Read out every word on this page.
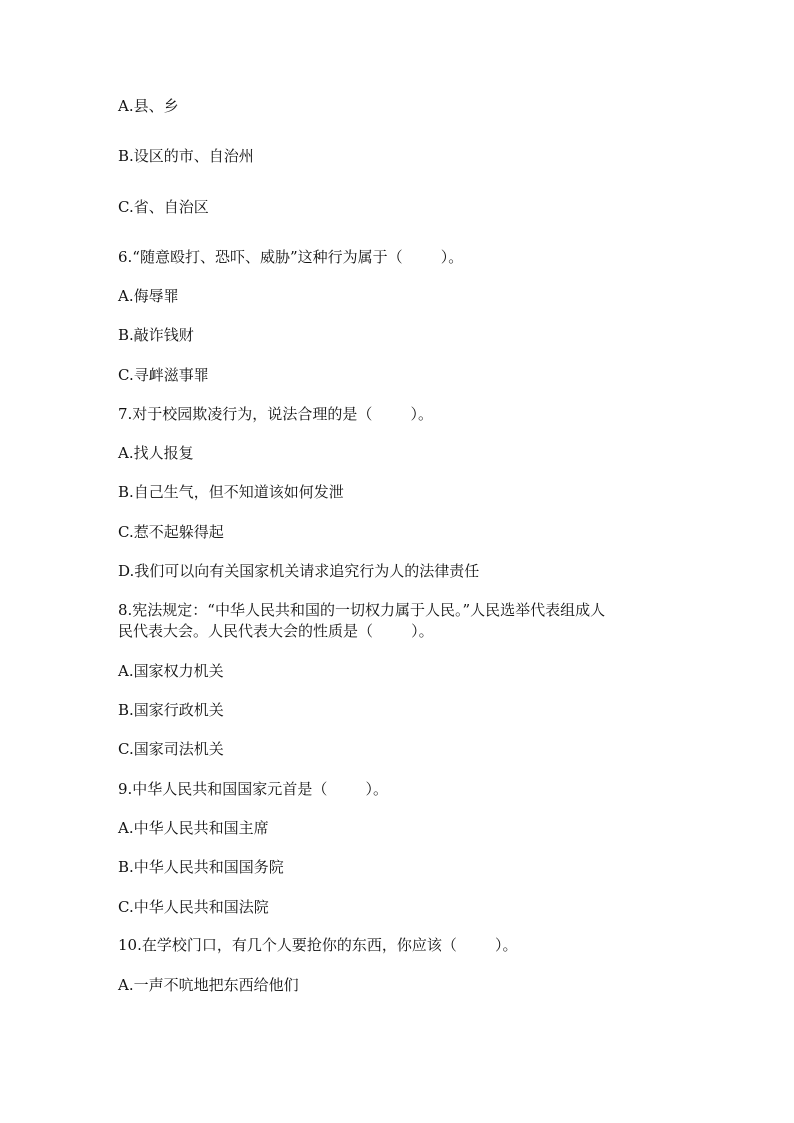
A.县、乡

B.设区的市、自治州

C.省、自治区

6.“随意殴打、恐吓、威胁”这种行为属于（        ）。

A.侮辱罪

B.敲诈钱财

C.寻衅滋事罪

7.对于校园欺凌行为，说法合理的是（        ）。

A.找人报复

B.自己生气，但不知道该如何发泄

C.惹不起躲得起

D.我们可以向有关国家机关请求追究行为人的法律责任

8.宪法规定：“中华人民共和国的一切权力属于人民。”人民选举代表组成人

民代表大会。人民代表大会的性质是（        ）。

A.国家权力机关

B.国家行政机关

C.国家司法机关

9.中华人民共和国国家元首是（        ）。

A.中华人民共和国主席

B.中华人民共和国国务院

C.中华人民共和国法院

10.在学校门口，有几个人要抢你的东西，你应该（        ）。

A.一声不吭地把东西给他们
